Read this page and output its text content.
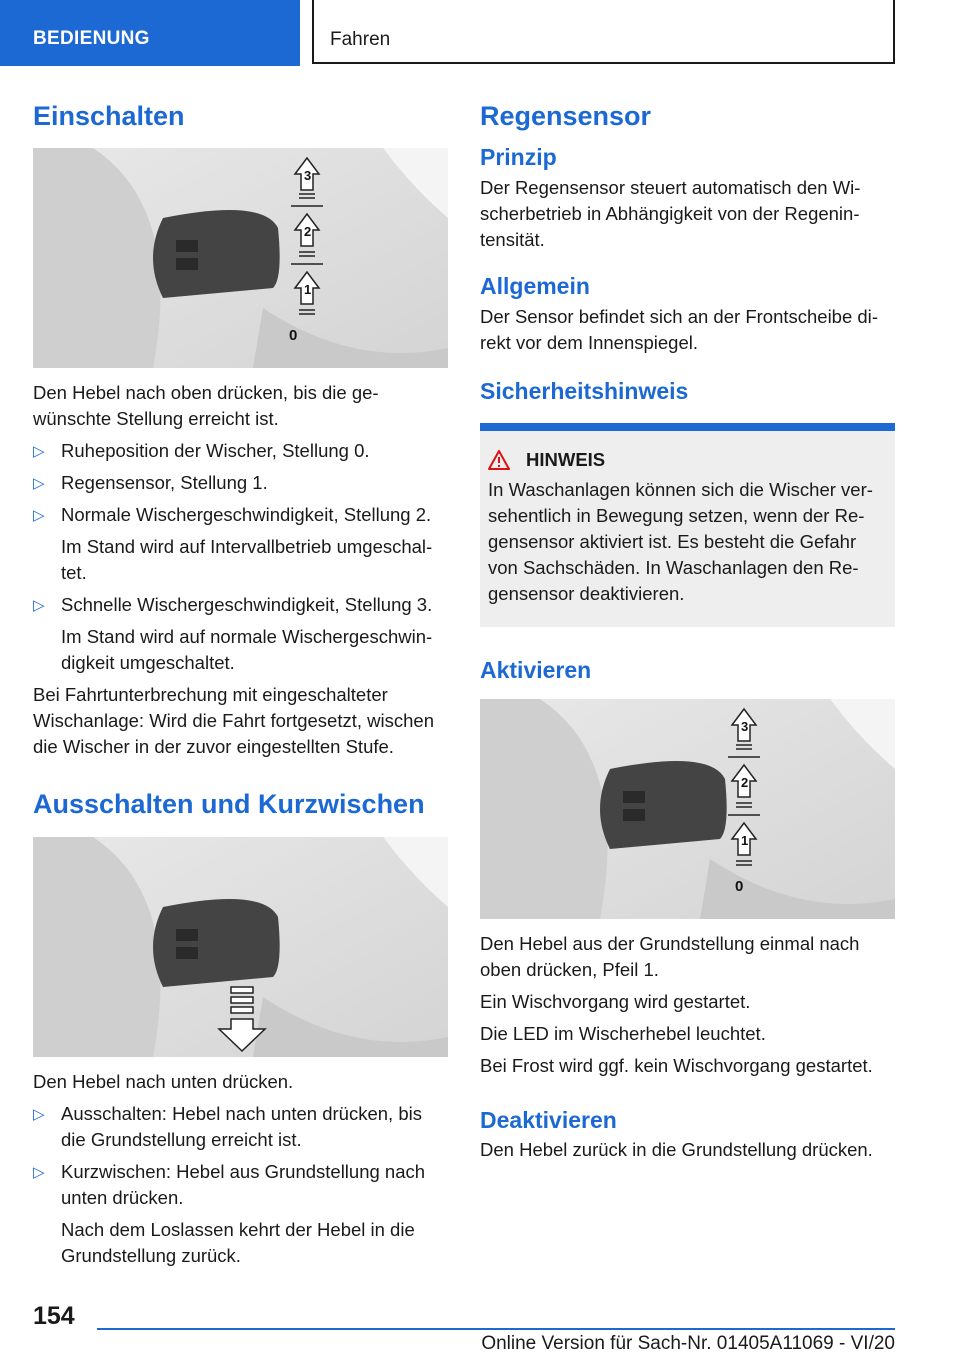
BEDIENUNG	Fahren
Einschalten
3
2
1
0

Den Hebel nach oben drücken, bis die gewünschte Stellung erreicht ist.

▷ Ruheposition der Wischer, Stellung 0.
▷ Regensensor, Stellung 1.
▷ Normale Wischergeschwindigkeit, Stellung 2.
Im Stand wird auf Intervallbetrieb umgeschaltet.
▷ Schnelle Wischergeschwindigkeit, Stellung 3.
Im Stand wird auf normale Wischergeschwindigkeit umgeschaltet.

Bei Fahrtunterbrechung mit eingeschalteter Wischanlage: Wird die Fahrt fortgesetzt, wischen die Wischer in der zuvor eingestellten Stufe.

Ausschalten und Kurzwischen

Den Hebel nach unten drücken.

▷ Ausschalten: Hebel nach unten drücken, bis die Grundstellung erreicht ist.
▷ Kurzwischen: Hebel aus Grundstellung nach unten drücken.
Nach dem Loslassen kehrt der Hebel in die Grundstellung zurück.
Regensensor
Prinzip

Der Regensensor steuert automatisch den Wischerbetrieb in Abhängigkeit von der Regenintensität.

Allgemein

Der Sensor befindet sich an der Frontscheibe direkt vor dem Innenspiegel.

Sicherheitshinweis
HINWEIS

In Waschanlagen können sich die Wischer versehentlich in Bewegung setzen, wenn der Regensensor aktiviert ist. Es besteht die Gefahr von Sachschäden. In Waschanlagen den Regensensor deaktivieren.

Aktivieren
3
2
1
0

Den Hebel aus der Grundstellung einmal nach oben drücken, Pfeil 1.

Ein Wischvorgang wird gestartet.

Die LED im Wischerhebel leuchtet.

Bei Frost wird ggf. kein Wischvorgang gestartet.

Deaktivieren

Den Hebel zurück in die Grundstellung drücken.

154
Online Version für Sach-Nr. 01405A11069 - VI/20
